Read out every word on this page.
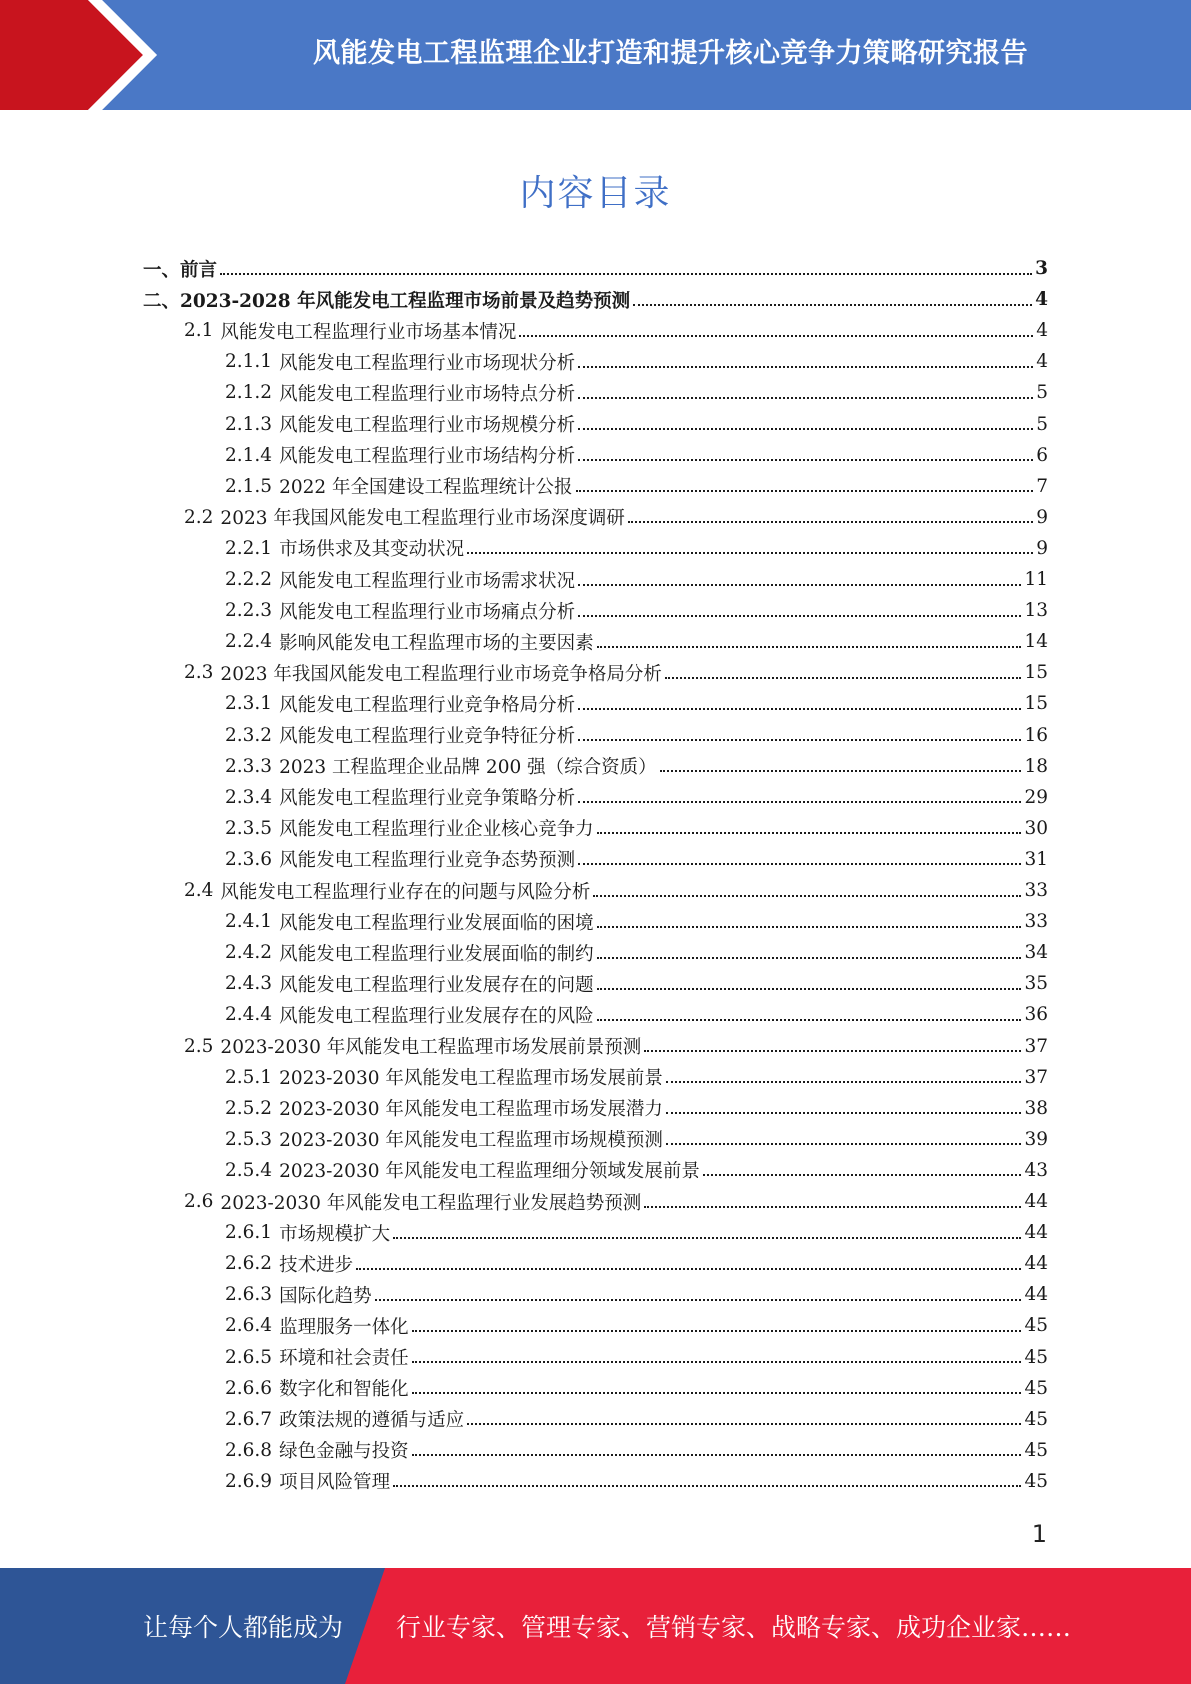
风能发电工程监理企业打造和提升核心竞争力策略研究报告
内容目录
一、 前言	3
二、 2023-2028 年风能发电工程监理市场前景及趋势预测	4
2.1 风能发电工程监理行业市场基本情况	4
2.1.1 风能发电工程监理行业市场现状分析	4
2.1.2 风能发电工程监理行业市场特点分析	5
2.1.3 风能发电工程监理行业市场规模分析	5
2.1.4 风能发电工程监理行业市场结构分析	6
2.1.5 2022 年全国建设工程监理统计公报	7
2.2 2023 年我国风能发电工程监理行业市场深度调研	9
2.2.1 市场供求及其变动状况	9
2.2.2 风能发电工程监理行业市场需求状况	11
2.2.3 风能发电工程监理行业市场痛点分析	13
2.2.4 影响风能发电工程监理市场的主要因素	14
2.3 2023 年我国风能发电工程监理行业市场竞争格局分析	15
2.3.1 风能发电工程监理行业竞争格局分析	15
2.3.2 风能发电工程监理行业竞争特征分析	16
2.3.3 2023 工程监理企业品牌 200 强（综合资质）	18
2.3.4 风能发电工程监理行业竞争策略分析	29
2.3.5 风能发电工程监理行业企业核心竞争力	30
2.3.6 风能发电工程监理行业竞争态势预测	31
2.4 风能发电工程监理行业存在的问题与风险分析	33
2.4.1 风能发电工程监理行业发展面临的困境	33
2.4.2 风能发电工程监理行业发展面临的制约	34
2.4.3 风能发电工程监理行业发展存在的问题	35
2.4.4 风能发电工程监理行业发展存在的风险	36
2.5 2023-2030 年风能发电工程监理市场发展前景预测	37
2.5.1 2023-2030 年风能发电工程监理市场发展前景	37
2.5.2 2023-2030 年风能发电工程监理市场发展潜力	38
2.5.3 2023-2030 年风能发电工程监理市场规模预测	39
2.5.4 2023-2030 年风能发电工程监理细分领域发展前景	43
2.6 2023-2030 年风能发电工程监理行业发展趋势预测	44
2.6.1 市场规模扩大	44
2.6.2 技术进步	44
2.6.3 国际化趋势	44
2.6.4 监理服务一体化	45
2.6.5 环境和社会责任	45
2.6.6 数字化和智能化	45
2.6.7 政策法规的遵循与适应	45
2.6.8 绿色金融与投资	45
2.6.9 项目风险管理	45
1
让每个人都能成为 行业专家、管理专家、营销专家、战略专家、成功企业家……
